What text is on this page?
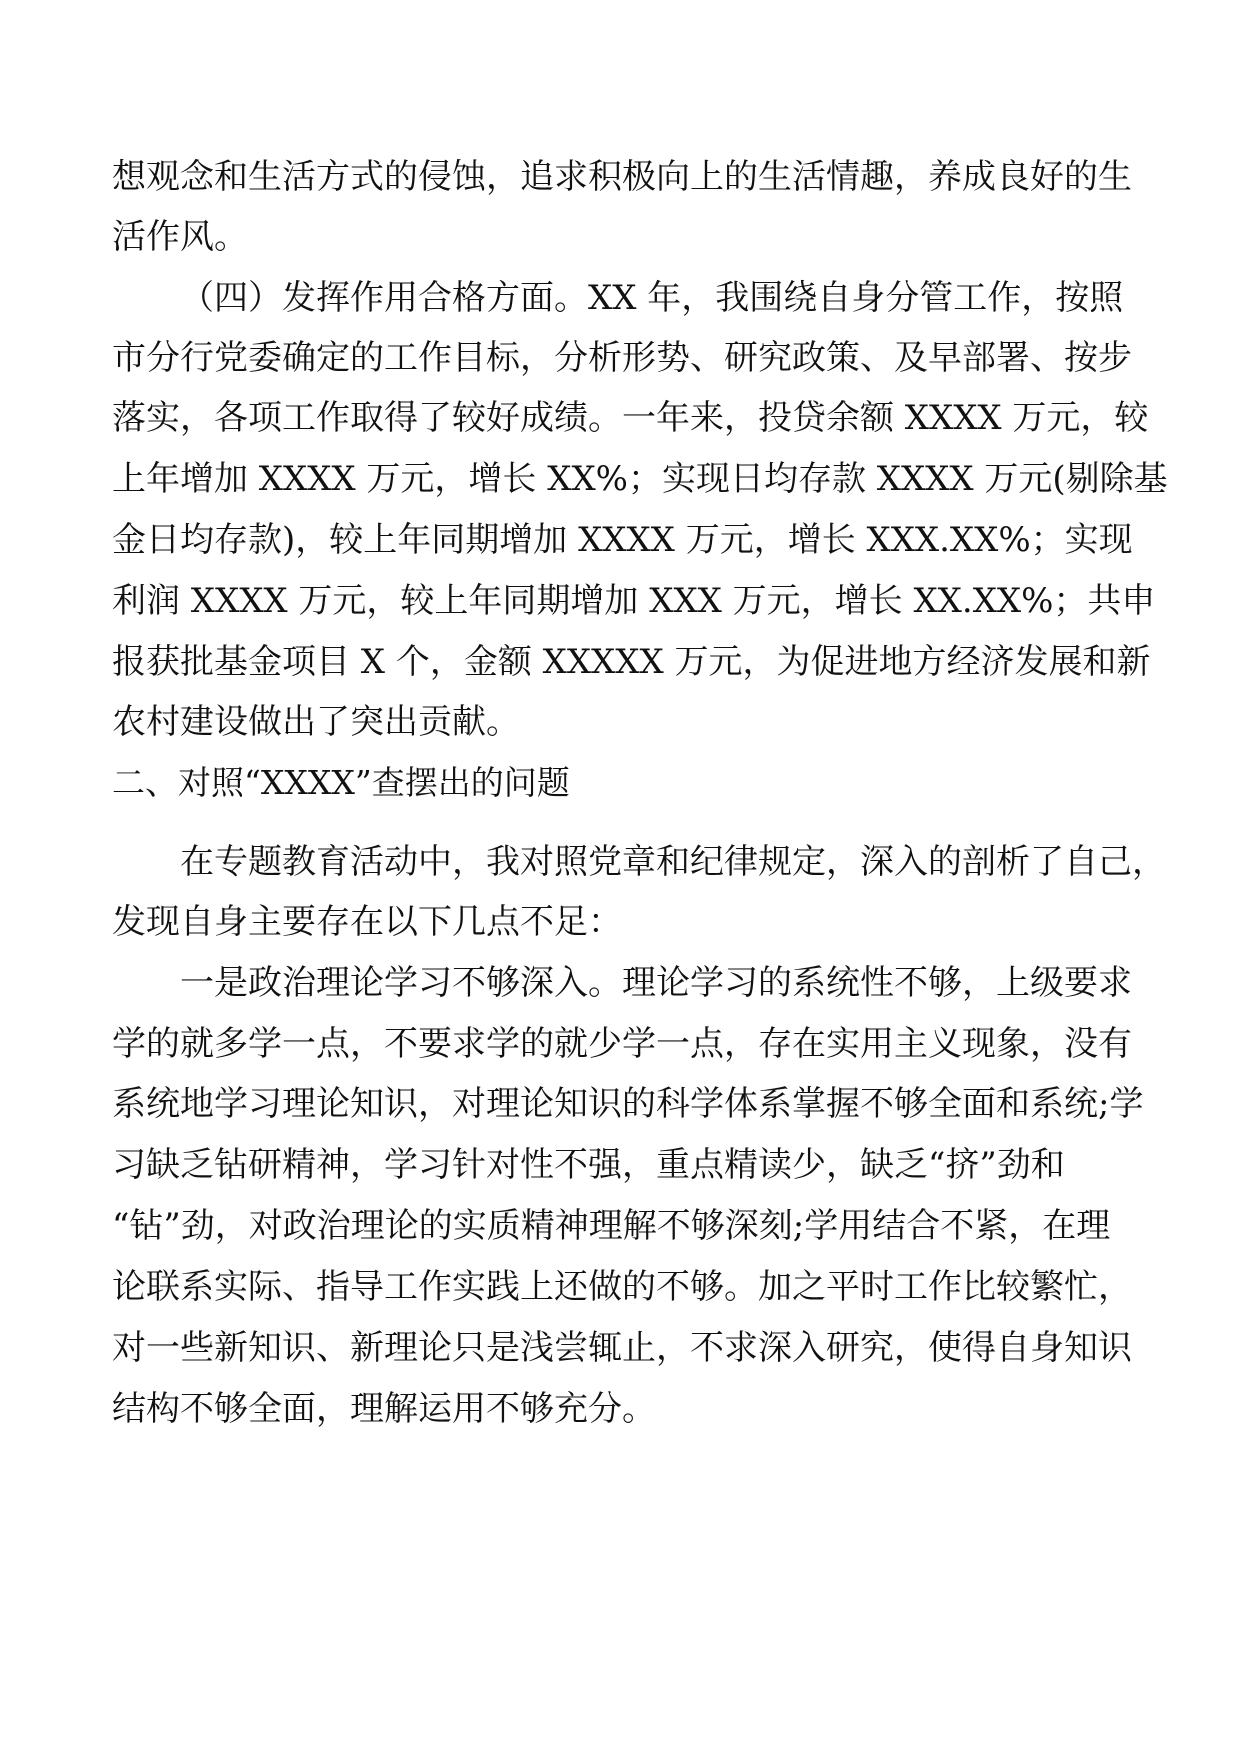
想观念和生活方式的侵蚀，追求积极向上的生活情趣，养成良好的生
活作风。
（四）发挥作用合格方面。XX 年，我围绕自身分管工作，按照
市分行党委确定的工作目标，分析形势、研究政策、及早部署、按步
落实，各项工作取得了较好成绩。一年来，投贷余额 XXXX 万元，较
上年增加 XXXX 万元，增长 XX%；实现日均存款 XXXX 万元(剔除基
金日均存款)，较上年同期增加 XXXX 万元，增长 XXX.XX%；实现
利润 XXXX 万元，较上年同期增加 XXX 万元，增长 XX.XX%；共申
报获批基金项目 X 个，金额 XXXXX 万元，为促进地方经济发展和新
农村建设做出了突出贡献。
二、对照“XXXX”查摆出的问题
在专题教育活动中，我对照党章和纪律规定，深入的剖析了自己，
发现自身主要存在以下几点不足：
一是政治理论学习不够深入。理论学习的系统性不够，上级要求
学的就多学一点，不要求学的就少学一点，存在实用主义现象，没有
系统地学习理论知识，对理论知识的科学体系掌握不够全面和系统;学
习缺乏钻研精神，学习针对性不强，重点精读少，缺乏“挤”劲和
“钻”劲，对政治理论的实质精神理解不够深刻;学用结合不紧，在理
论联系实际、指导工作实践上还做的不够。加之平时工作比较繁忙，
对一些新知识、新理论只是浅尝辄止，不求深入研究，使得自身知识
结构不够全面，理解运用不够充分。
